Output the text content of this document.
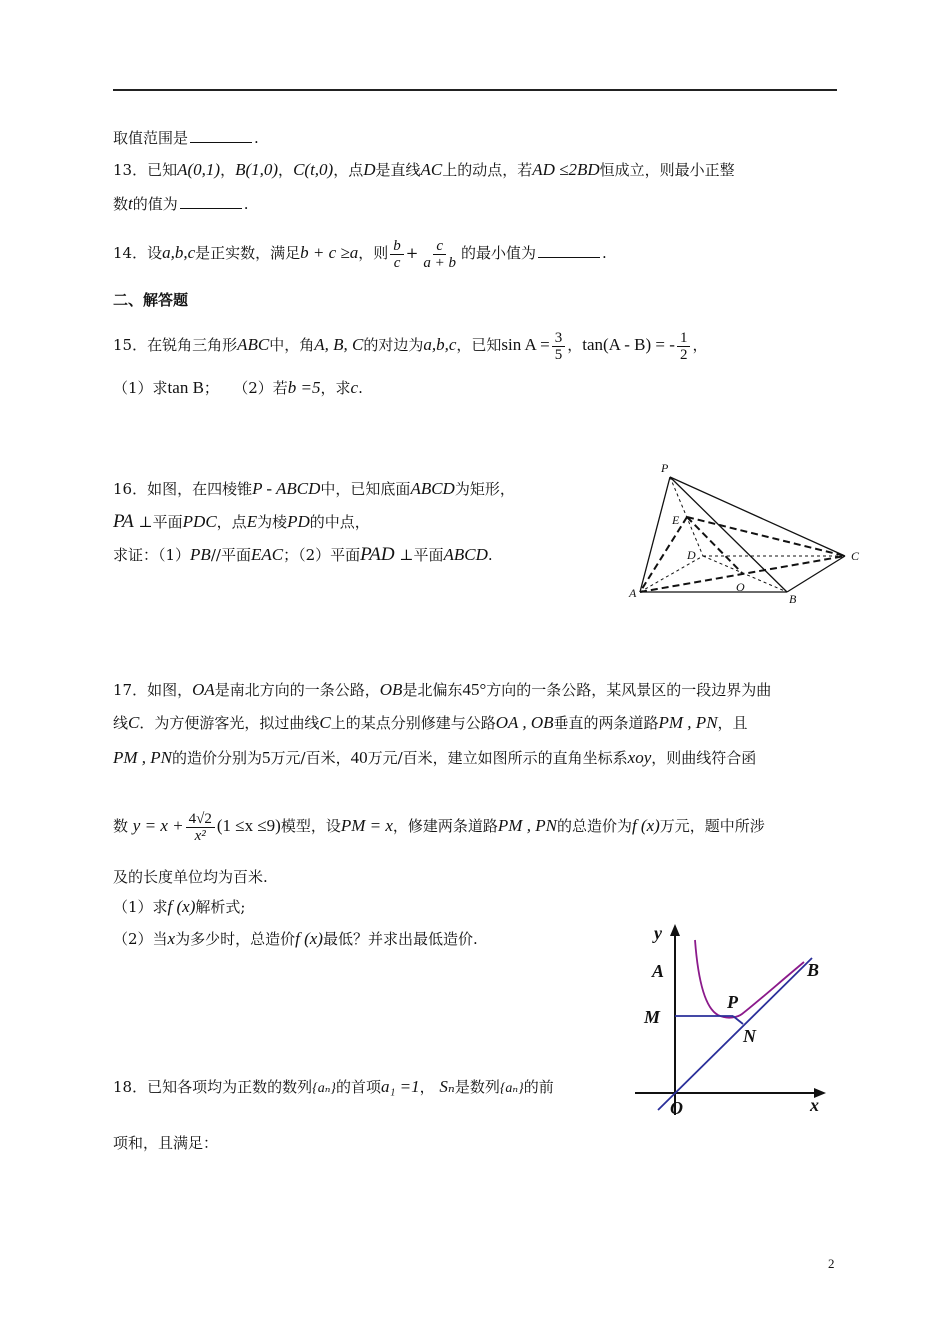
取值范围是	.
13．已知A(0,1)，B(1,0)，C(t,0)，点D是直线AC上的动点，若AD ≤2BD恒成立，则最小正整
数t的值为	.
14．设a,b,c是正实数，满足b + c ≥a，则 $\frac{b}{c} + \frac{c}{a + b}$ 的最小值为	.
二、解答题
15．在锐角三角形ABC中，角A, B, C的对边为a,b,c，已知$\sin A = \frac{3}{5}$ ，tan(A - B) = - $\frac{1}{2}$ ，
（1）求tan B； （2）若b =5，求c.
16．如图，在四棱锥P - ABCD中，已知底面ABCD为矩形，
PA ⊥平面PDC，点E为棱PD的中点，
求证：（1）PB//平面EAC；（2）平面PAD ⊥平面ABCD.
P
E
D	C
A	O
B
17．如图，OA是南北方向的一条公路，OB是北偏东45°方向的一条公路，某风景区的一段边界为曲
线C．为方便游客光，拟过曲线C上的某点分别修建与公路OA , OB垂直的两条道路PM , PN，且
PM , PN的造价分别为5万元/百米，40万元/百米，建立如图所示的直角坐标系xoy，则曲线符合函
数 $y = x + \frac{4√2}{\text{x²}} (1 \le x \le 9)$模型，设PM = x，修建两条道路PM , PN的总造价为f (x)万元，题中所涉
及的长度单位均为百米.
（1）求f (x)解析式;
（2）当x为多少时，总造价f (x)最低？并求出最低造价.	y
A	B
P
M
N
O	x
18．已知各项均为正数的数列{aₙ}的首项a₁ =1， Sₙ是数列{aₙ}的前
项和，且满足：
2
